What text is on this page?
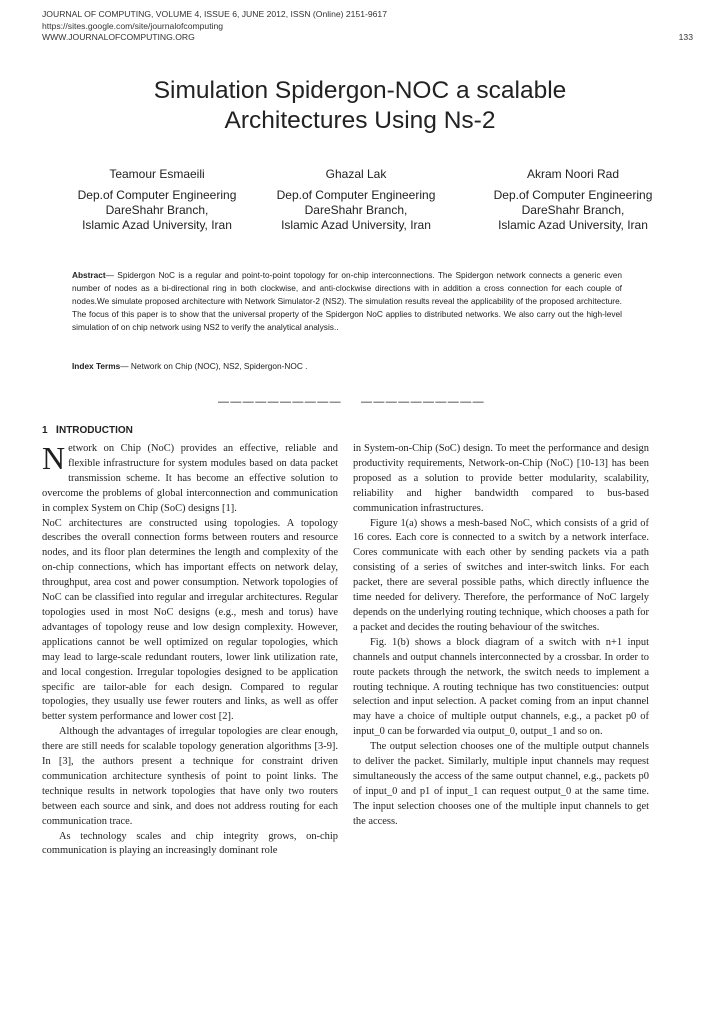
JOURNAL OF COMPUTING, VOLUME 4, ISSUE 6, JUNE 2012, ISSN (Online) 2151-9617
https://sites.google.com/site/journalofcomputing
WWW.JOURNALOFCOMPUTING.ORG	133
Simulation Spidergon-NOC a scalable
Architectures Using Ns-2
Teamour Esmaeili
Dep.of Computer Engineering
DareShahr Branch,
Islamic Azad University, Iran
Ghazal Lak
Dep.of Computer Engineering
DareShahr Branch,
Islamic Azad University, Iran
Akram Noori Rad
Dep.of Computer Engineering
DareShahr Branch,
Islamic Azad University, Iran
Abstract— Spidergon NoC is a regular and point-to-point topology for on-chip interconnections. The Spidergon network connects a generic even number of nodes as a bi-directional ring in both clockwise, and anti-clockwise directions with in addition a cross connection for each couple of nodes.We simulate proposed architecture with Network Simulator-2 (NS2). The simulation results reveal the applicability of the proposed architecture. The focus of this paper is to show that the universal property of the Spidergon NoC applies to distributed networks. We also carry out the high-level simulation of on chip network using NS2 to verify the analytical analysis..
Index Terms— Network on Chip (NOC), NS2, Spidergon-NOC .
—————————— ——————————
1 INTRODUCTION

Network on Chip (NoC) provides an effective, reliable and flexible infrastructure for system modules based on data packet transmission scheme. It has become an effective solution to overcome the problems of global interconnection and communication in complex System on Chip (SoC) designs [1].

NoC architectures are constructed using topologies. A topology describes the overall connection forms between routers and resource nodes, and its floor plan determines the length and complexity of the on-chip connections, which has important effects on network delay, throughput, area cost and power consumption. Network topologies of NoC can be classified into regular and irregular architectures. Regular topologies used in most NoC designs (e.g., mesh and torus) have advantages of topology reuse and low design complexity. However, applications cannot be well optimized on regular topologies, which may lead to large-scale redundant routers, lower link utilization rate, and local congestion. Irregular topologies designed to be application specific are tailor-able for each design. Compared to regular topologies, they usually use fewer routers and links, as well as offer better system performance and lower cost [2].

Although the advantages of irregular topologies are clear enough, there are still needs for scalable topology generation algorithms [3-9]. In [3], the authors present a technique for constraint driven communication architecture synthesis of point to point links. The technique results in network topologies that have only two routers between each source and sink, and does not address routing for each communication trace.

As technology scales and chip integrity grows, on-chip communication is playing an increasingly dominant role

in System-on-Chip (SoC) design. To meet the performance and design productivity requirements, Network-on-Chip (NoC) [10-13] has been proposed as a solution to provide better modularity, scalability, reliability and higher bandwidth compared to bus-based communication infrastructures.

Figure 1(a) shows a mesh-based NoC, which consists of a grid of 16 cores. Each core is connected to a switch by a network interface. Cores communicate with each other by sending packets via a path consisting of a series of switches and inter-switch links. For each packet, there are several possible paths, which directly influence the time needed for delivery. Therefore, the performance of NoC largely depends on the underlying routing technique, which chooses a path for a packet and decides the routing behaviour of the switches.

Fig. 1(b) shows a block diagram of a switch with n+1 input channels and output channels interconnected by a crossbar. In order to route packets through the network, the switch needs to implement a routing technique. A routing technique has two constituencies: output selection and input selection. A packet coming from an input channel may have a choice of multiple output channels, e.g., a packet p0 of input_0 can be forwarded via output_0, output_1 and so on.

The output selection chooses one of the multiple output channels to deliver the packet. Similarly, multiple input channels may request simultaneously the access of the same output channel, e.g., packets p0 of input_0 and p1 of input_1 can request output_0 at the same time. The input selection chooses one of the multiple input channels to get the access.
